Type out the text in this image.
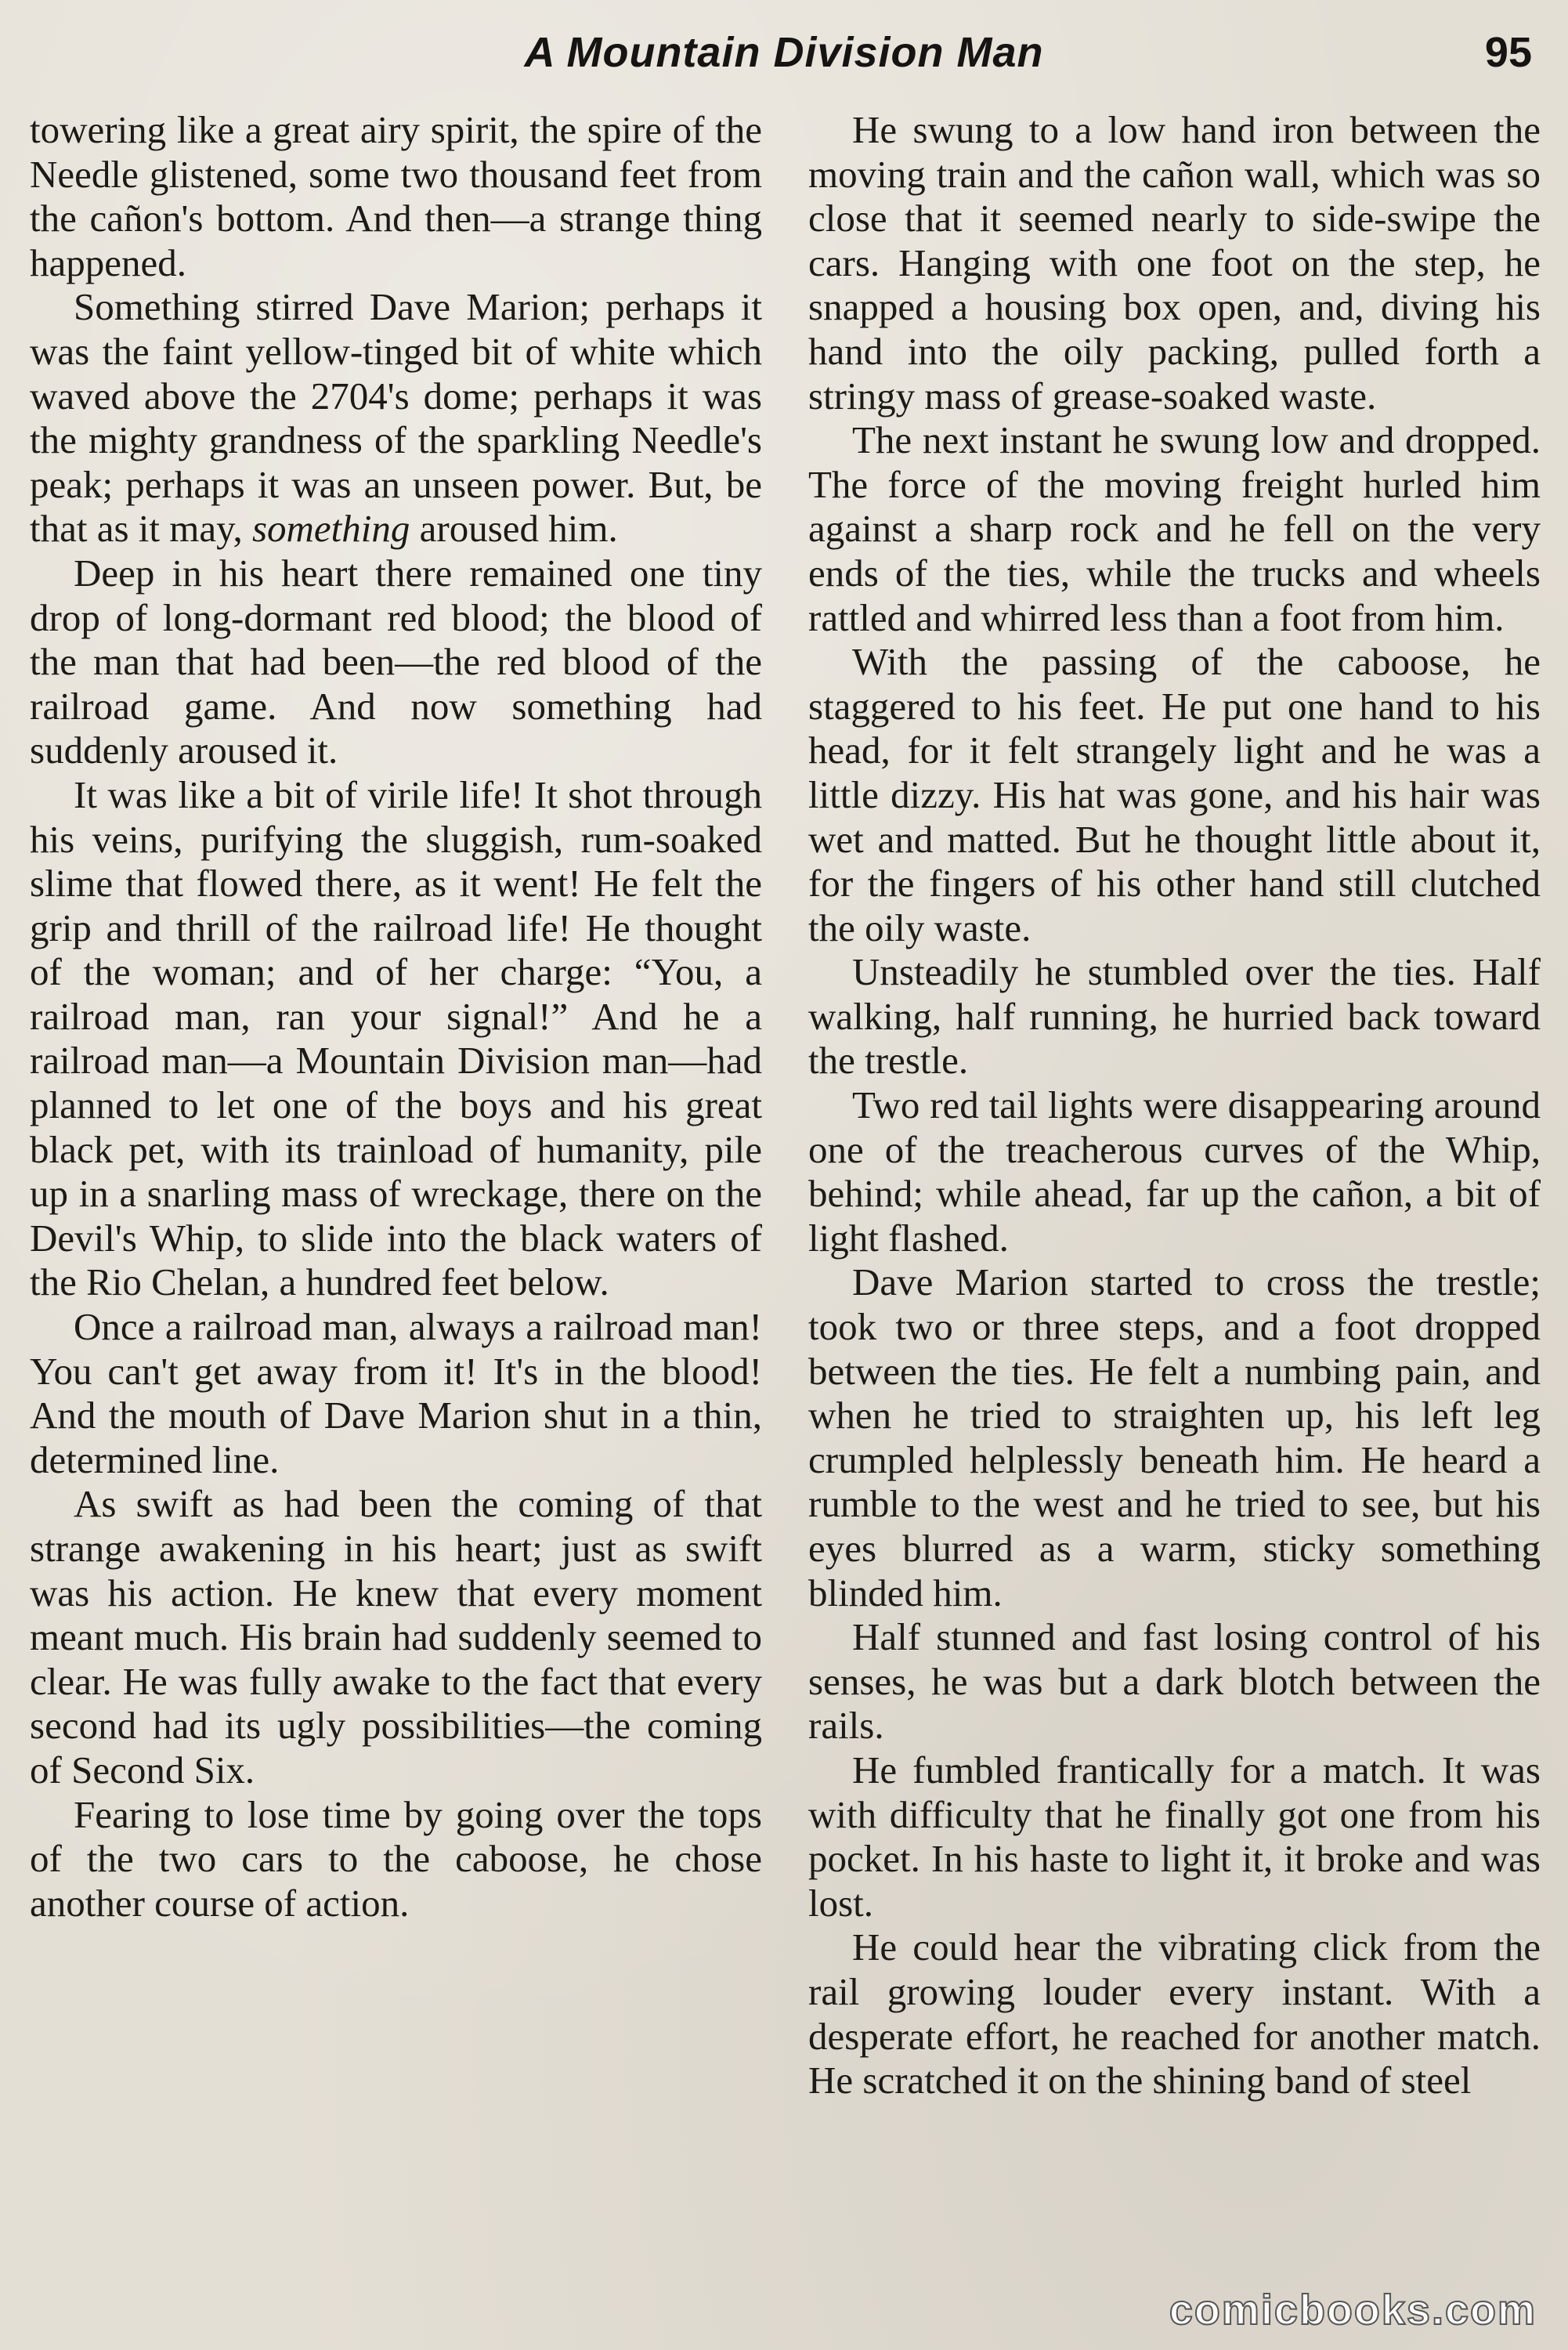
A Mountain Division Man	95

towering like a great airy spirit, the spire of the Needle glistened, some two thousand feet from the cañon's bottom. And then—a strange thing happened.

Something stirred Dave Marion; perhaps it was the faint yellow-tinged bit of white which waved above the 2704's dome; perhaps it was the mighty grandness of the sparkling Needle's peak; perhaps it was an unseen power. But, be that as it may, something aroused him.

Deep in his heart there remained one tiny drop of long-dormant red blood; the blood of the man that had been—the red blood of the railroad game. And now something had suddenly aroused it.

It was like a bit of virile life! It shot through his veins, purifying the sluggish, rum-soaked slime that flowed there, as it went! He felt the grip and thrill of the railroad life! He thought of the woman; and of her charge: “You, a railroad man, ran your signal!” And he a railroad man—a Mountain Division man—had planned to let one of the boys and his great black pet, with its trainload of humanity, pile up in a snarling mass of wreckage, there on the Devil's Whip, to slide into the black waters of the Rio Chelan, a hundred feet below.

Once a railroad man, always a railroad man! You can't get away from it! It's in the blood! And the mouth of Dave Marion shut in a thin, determined line.

As swift as had been the coming of that strange awakening in his heart; just as swift was his action. He knew that every moment meant much. His brain had suddenly seemed to clear. He was fully awake to the fact that every second had its ugly possibilities—the coming of Second Six.

Fearing to lose time by going over the tops of the two cars to the caboose, he chose another course of action.

He swung to a low hand iron between the moving train and the cañon wall, which was so close that it seemed nearly to side-swipe the cars. Hanging with one foot on the step, he snapped a housing box open, and, diving his hand into the oily packing, pulled forth a stringy mass of grease-soaked waste.

The next instant he swung low and dropped. The force of the moving freight hurled him against a sharp rock and he fell on the very ends of the ties, while the trucks and wheels rattled and whirred less than a foot from him.

With the passing of the caboose, he staggered to his feet. He put one hand to his head, for it felt strangely light and he was a little dizzy. His hat was gone, and his hair was wet and matted. But he thought little about it, for the fingers of his other hand still clutched the oily waste.

Unsteadily he stumbled over the ties. Half walking, half running, he hurried back toward the trestle.

Two red tail lights were disappearing around one of the treacherous curves of the Whip, behind; while ahead, far up the cañon, a bit of light flashed.

Dave Marion started to cross the trestle; took two or three steps, and a foot dropped between the ties. He felt a numbing pain, and when he tried to straighten up, his left leg crumpled helplessly beneath him. He heard a rumble to the west and he tried to see, but his eyes blurred as a warm, sticky something blinded him.

Half stunned and fast losing control of his senses, he was but a dark blotch between the rails.

He fumbled frantically for a match. It was with difficulty that he finally got one from his pocket. In his haste to light it, it broke and was lost.

He could hear the vibrating click from the rail growing louder every instant. With a desperate effort, he reached for another match. He scratched it on the shining band of steel

comicbooks.com
